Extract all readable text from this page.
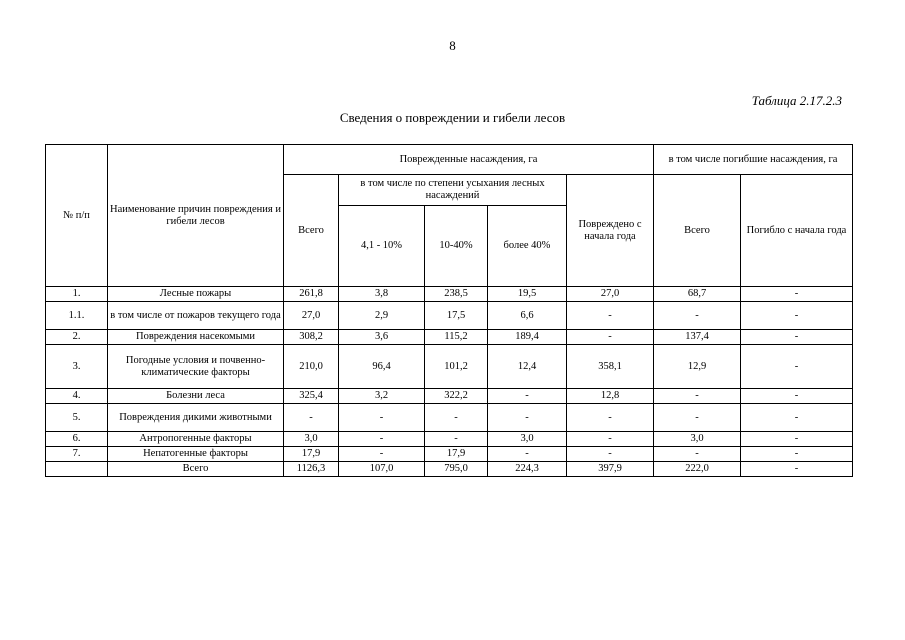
8
Таблица 2.17.2.3
Сведения о повреждении и гибели лесов
№ п/п	Наименование причин повреждения и гибели лесов	Поврежденные насаждения, га					в том числе погибшие насаждения, га	
		Всего	в том числе по степени усыхания лесных насаждений			Повреждено с начала года	Всего	Погибло с начала года
			4,1 - 10%	10-40%	более 40%			
1.	Лесные пожары	261,8	3,8	238,5	19,5	27,0	68,7	-
1.1.	в том числе от пожаров текущего года	27,0	2,9	17,5	6,6	-	-	-
2.	Повреждения насекомыми	308,2	3,6	115,2	189,4	-	137,4	-
3.	Погодные условия и почвенно-климатические факторы	210,0	96,4	101,2	12,4	358,1	12,9	-
4.	Болезни леса	325,4	3,2	322,2	-	12,8	-	-
5.	Повреждения дикими животными	-	-	-	-	-	-	-
6.	Антропогенные факторы	3,0	-	-	3,0	-	3,0	-
7.	Непатогенные факторы	17,9	-	17,9	-	-	-	-
	Всего	1126,3	107,0	795,0	224,3	397,9	222,0	-
